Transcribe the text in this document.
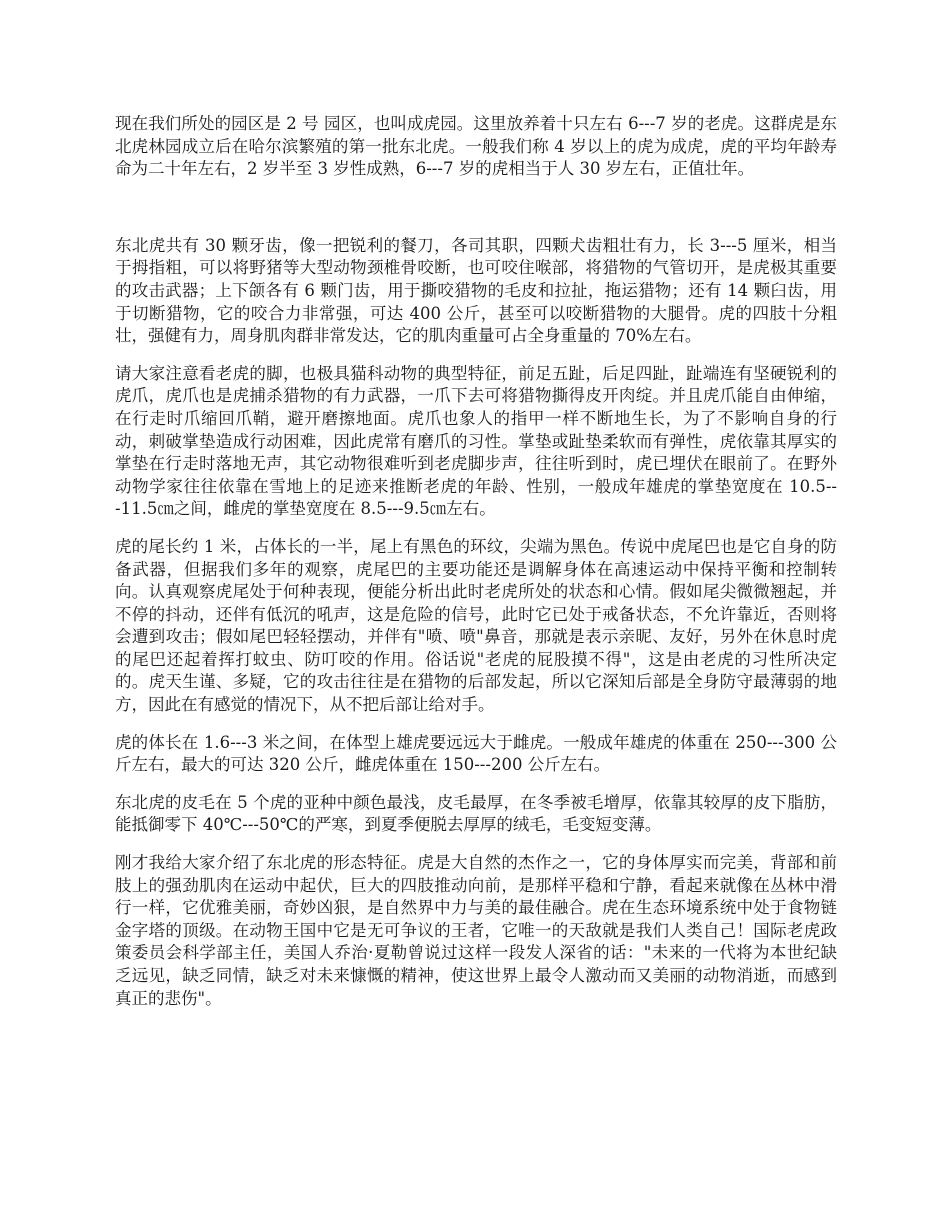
现在我们所处的园区是 2 号 园区，也叫成虎园。这里放养着十只左右 6---7 岁的老虎。这群虎是东北虎林园成立后在哈尔滨繁殖的第一批东北虎。一般我们称 4 岁以上的虎为成虎，虎的平均年龄寿命为二十年左右，2 岁半至 3 岁性成熟，6---7 岁的虎相当于人 30 岁左右，正值壮年。

东北虎共有 30 颗牙齿，像一把锐利的餐刀，各司其职，四颗犬齿粗壮有力，长 3---5 厘米，相当于拇指粗，可以将野猪等大型动物颈椎骨咬断，也可咬住喉部，将猎物的气管切开，是虎极其重要的攻击武器；上下颌各有 6 颗门齿，用于撕咬猎物的毛皮和拉扯，拖运猎物；还有 14 颗臼齿，用于切断猎物，它的咬合力非常强，可达 400 公斤，甚至可以咬断猎物的大腿骨。虎的四肢十分粗壮，强健有力，周身肌肉群非常发达，它的肌肉重量可占全身重量的 70%左右。

请大家注意看老虎的脚，也极具猫科动物的典型特征，前足五趾，后足四趾，趾端连有坚硬锐利的虎爪，虎爪也是虎捕杀猎物的有力武器，一爪下去可将猎物撕得皮开肉绽。并且虎爪能自由伸缩，在行走时爪缩回爪鞘，避开磨擦地面。虎爪也象人的指甲一样不断地生长，为了不影响自身的行动，刺破掌垫造成行动困难，因此虎常有磨爪的习性。掌垫或趾垫柔软而有弹性，虎依靠其厚实的掌垫在行走时落地无声，其它动物很难听到老虎脚步声，往往听到时，虎已埋伏在眼前了。在野外动物学家往往依靠在雪地上的足迹来推断老虎的年龄、性别，一般成年雄虎的掌垫宽度在 10.5---11.5㎝之间，雌虎的掌垫宽度在 8.5---9.5㎝左右。

虎的尾长约 1 米，占体长的一半，尾上有黑色的环纹，尖端为黑色。传说中虎尾巴也是它自身的防备武器，但据我们多年的观察，虎尾巴的主要功能还是调解身体在高速运动中保持平衡和控制转向。认真观察虎尾处于何种表现，便能分析出此时老虎所处的状态和心情。假如尾尖微微翘起，并不停的抖动，还伴有低沉的吼声，这是危险的信号，此时它已处于戒备状态，不允许靠近，否则将会遭到攻击；假如尾巴轻轻摆动，并伴有"喷、喷"鼻音，那就是表示亲昵、友好，另外在休息时虎的尾巴还起着挥打蚊虫、防叮咬的作用。俗话说"老虎的屁股摸不得"，这是由老虎的习性所决定的。虎天生谨、多疑，它的攻击往往是在猎物的后部发起，所以它深知后部是全身防守最薄弱的地方，因此在有感觉的情况下，从不把后部让给对手。

虎的体长在 1.6---3 米之间，在体型上雄虎要远远大于雌虎。一般成年雄虎的体重在 250---300 公斤左右，最大的可达 320 公斤，雌虎体重在 150---200 公斤左右。

东北虎的皮毛在 5 个虎的亚种中颜色最浅，皮毛最厚，在冬季被毛增厚，依靠其较厚的皮下脂肪，能抵御零下 40℃---50℃的严寒，到夏季便脱去厚厚的绒毛，毛变短变薄。

刚才我给大家介绍了东北虎的形态特征。虎是大自然的杰作之一，它的身体厚实而完美，背部和前肢上的强劲肌肉在运动中起伏，巨大的四肢推动向前，是那样平稳和宁静，看起来就像在丛林中滑行一样，它优雅美丽，奇妙凶狠，是自然界中力与美的最佳融合。虎在生态环境系统中处于食物链金字塔的顶级。在动物王国中它是无可争议的王者，它唯一的天敌就是我们人类自己！国际老虎政策委员会科学部主任，美国人乔治·夏勒曾说过这样一段发人深省的话："未来的一代将为本世纪缺乏远见，缺乏同情，缺乏对未来慷慨的精神，使这世界上最令人激动而又美丽的动物消逝，而感到真正的悲伤"。
